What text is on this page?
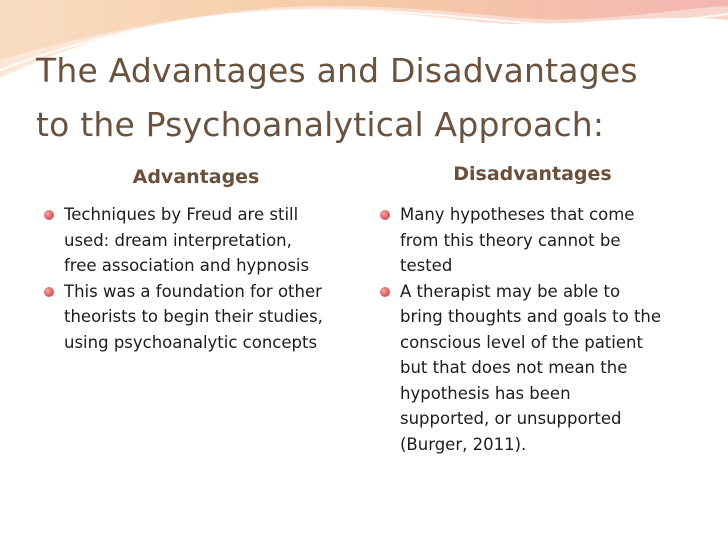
The Advantages and Disadvantages
to the Psychoanalytical Approach:
Advantages	Disadvantages
Techniques by Freud are still
used: dream interpretation,
free association and hypnosis
This was a foundation for other
theorists to begin their studies,
using psychoanalytic concepts
Many hypotheses that come
from this theory cannot be
tested
A therapist may be able to
bring thoughts and goals to the
conscious level of the patient
but that does not mean the
hypothesis has been
supported, or unsupported
(Burger, 2011).
